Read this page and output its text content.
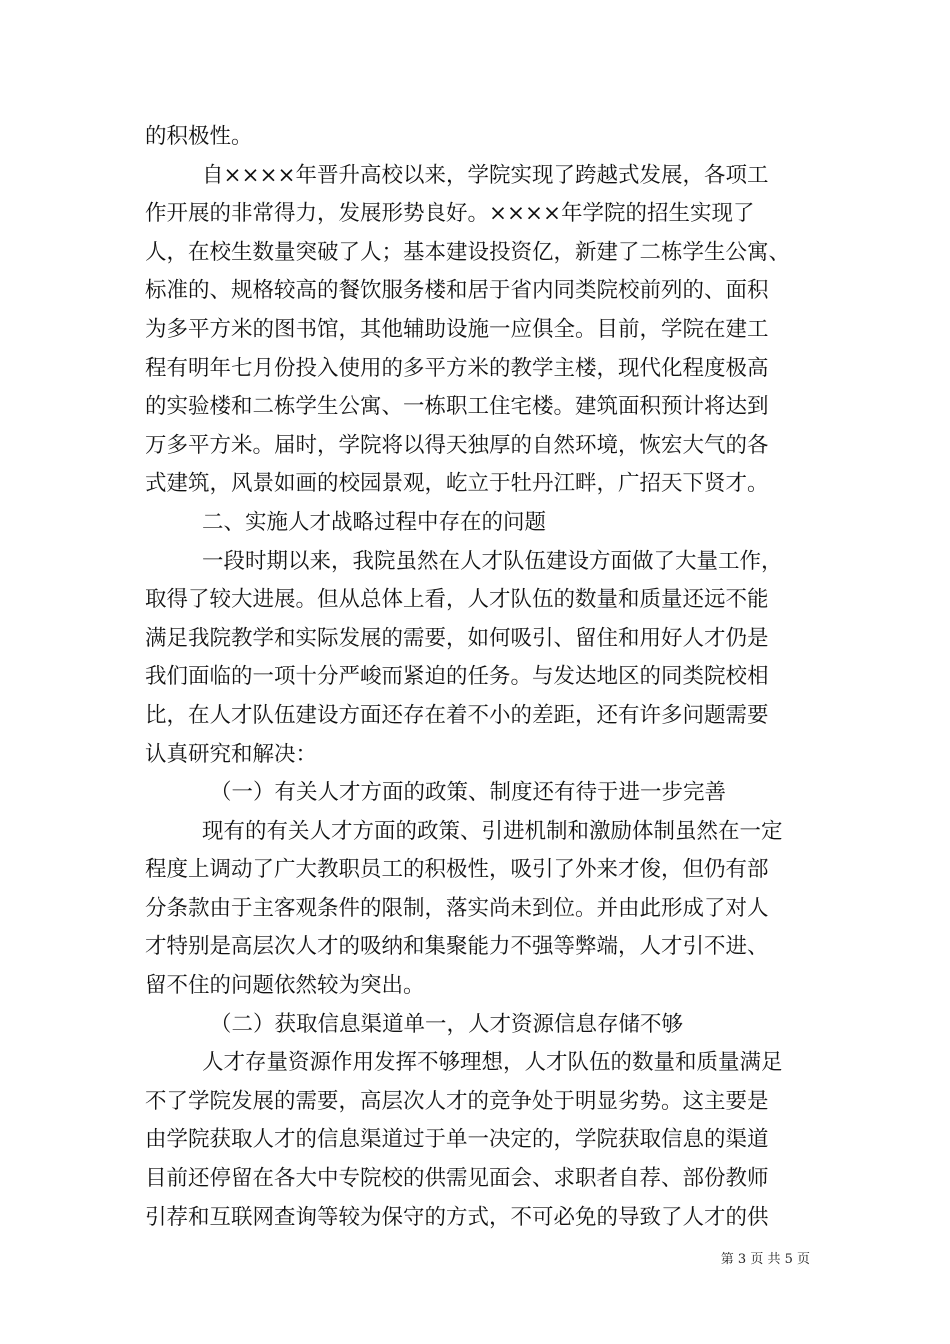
的积极性。
自××××年晋升高校以来，学院实现了跨越式发展，各项工
作开展的非常得力，发展形势良好。××××年学院的招生实现了
人，在校生数量突破了人；基本建设投资亿，新建了二栋学生公寓、
标准的、规格较高的餐饮服务楼和居于省内同类院校前列的、面积
为多平方米的图书馆，其他辅助设施一应俱全。目前，学院在建工
程有明年七月份投入使用的多平方米的教学主楼，现代化程度极高
的实验楼和二栋学生公寓、一栋职工住宅楼。建筑面积预计将达到
万多平方米。届时，学院将以得天独厚的自然环境，恢宏大气的各
式建筑，风景如画的校园景观，屹立于牡丹江畔，广招天下贤才。
二、实施人才战略过程中存在的问题
一段时期以来，我院虽然在人才队伍建设方面做了大量工作，
取得了较大进展。但从总体上看，人才队伍的数量和质量还远不能
满足我院教学和实际发展的需要，如何吸引、留住和用好人才仍是
我们面临的一项十分严峻而紧迫的任务。与发达地区的同类院校相
比，在人才队伍建设方面还存在着不小的差距，还有许多问题需要
认真研究和解决：
（一）有关人才方面的政策、制度还有待于进一步完善
现有的有关人才方面的政策、引进机制和激励体制虽然在一定
程度上调动了广大教职员工的积极性，吸引了外来才俊，但仍有部
分条款由于主客观条件的限制，落实尚未到位。并由此形成了对人
才特别是高层次人才的吸纳和集聚能力不强等弊端，人才引不进、
留不住的问题依然较为突出。
（二）获取信息渠道单一，人才资源信息存储不够
人才存量资源作用发挥不够理想，人才队伍的数量和质量满足
不了学院发展的需要，高层次人才的竞争处于明显劣势。这主要是
由学院获取人才的信息渠道过于单一决定的，学院获取信息的渠道
目前还停留在各大中专院校的供需见面会、求职者自荐、部份教师
引荐和互联网查询等较为保守的方式，不可必免的导致了人才的供
第 3 页 共 5 页
